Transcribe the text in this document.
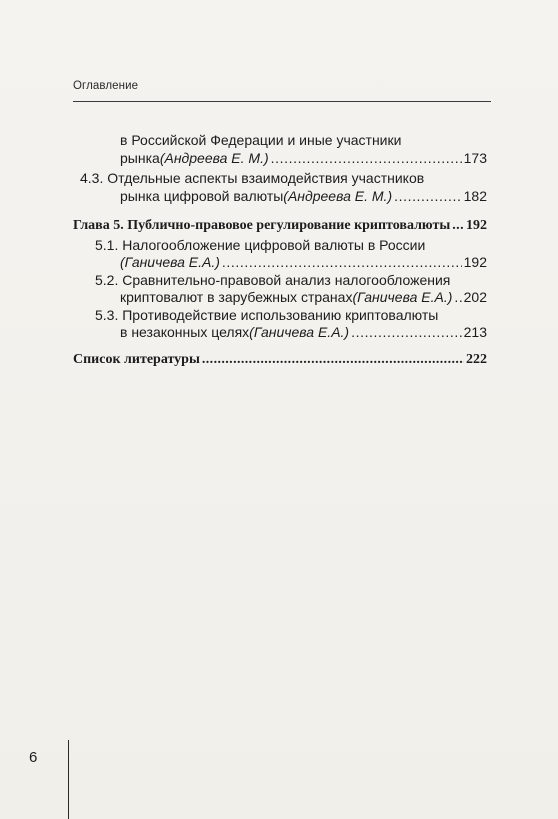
Оглавление
в Российской Федерации и иные участники
рынка (Андреева Е. М.) .....	173
4.3. Отдельные аспекты взаимодействия участников
рынка цифровой валюты (Андреева Е. М.) .....	182
Глава 5. Публично-правовое регулирование криптовалюты ..... 192
5.1. Налогообложение цифровой валюты в России
(Ганичева Е.А.) .....	192
5.2. Сравнительно-правовой анализ налогообложения
криптовалют в зарубежных странах (Ганичева Е.А.) ..... 202
5.3. Противодействие использованию криптовалюты
в незаконных целях (Ганичева Е.А.) .....	213
Список литературы .....	222
6
